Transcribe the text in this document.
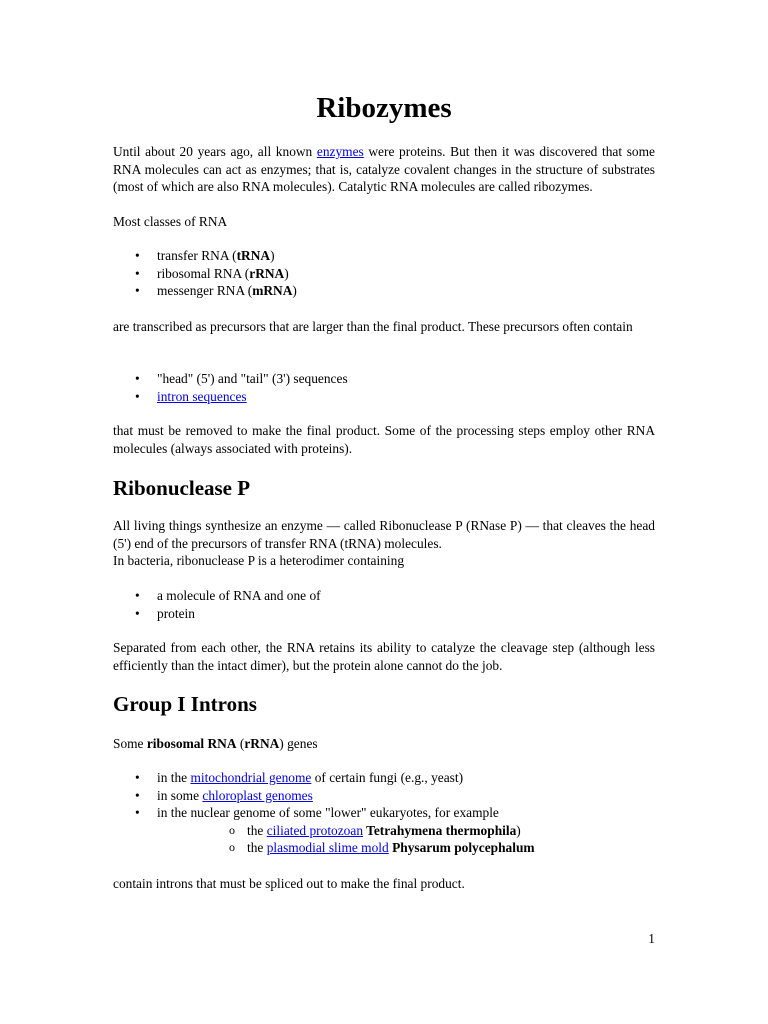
Ribozymes

Until about 20 years ago, all known enzymes were proteins. But then it was discovered that some RNA molecules can act as enzymes; that is, catalyze covalent changes in the structure of substrates (most of which are also RNA molecules). Catalytic RNA molecules are called ribozymes.

Most classes of RNA

• transfer RNA (tRNA)
• ribosomal RNA (rRNA)
• messenger RNA (mRNA)

are transcribed as precursors that are larger than the final product. These precursors often contain

• "head" (5') and "tail" (3') sequences
• intron sequences

that must be removed to make the final product. Some of the processing steps employ other RNA molecules (always associated with proteins).

Ribonuclease P

All living things synthesize an enzyme — called Ribonuclease P (RNase P) — that cleaves the head (5') end of the precursors of transfer RNA (tRNA) molecules.

In bacteria, ribonuclease P is a heterodimer containing

• a molecule of RNA and one of
• protein

Separated from each other, the RNA retains its ability to catalyze the cleavage step (although less efficiently than the intact dimer), but the protein alone cannot do the job.

Group I Introns

Some ribosomal RNA (rRNA) genes

• in the mitochondrial genome of certain fungi (e.g., yeast)
• in some chloroplast genomes
• in the nuclear genome of some "lower" eukaryotes, for example
o the ciliated protozoan Tetrahymena thermophila)
o the plasmodial slime mold Physarum polycephalum

contain introns that must be spliced out to make the final product.

1
